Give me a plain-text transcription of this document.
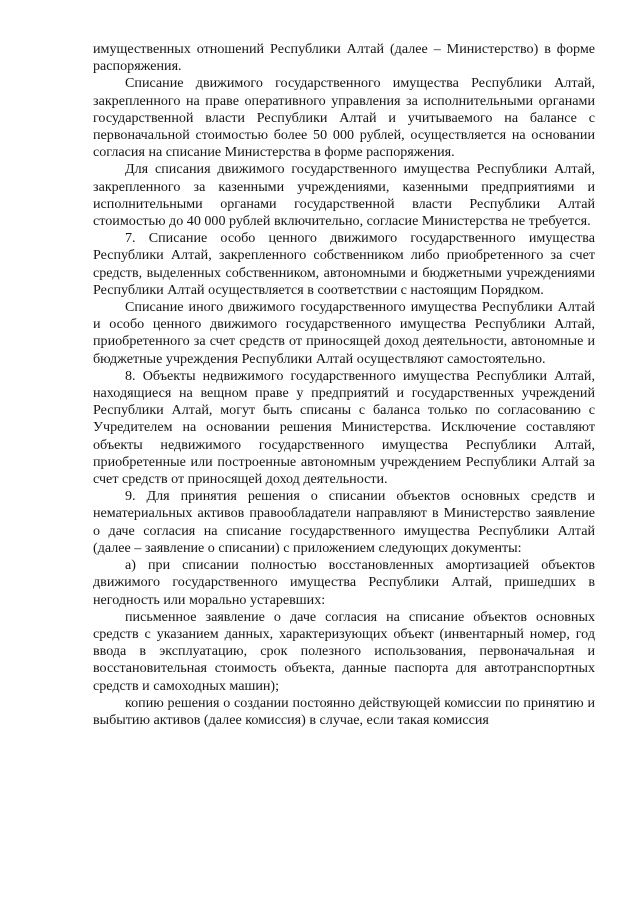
имущественных отношений Республики Алтай (далее – Министерство) в форме распоряжения.

Списание движимого государственного имущества Республики Алтай, закрепленного на праве оперативного управления за исполнительными органами государственной власти Республики Алтай и учитываемого на балансе с первоначальной стоимостью более 50 000 рублей, осуществляется на основании согласия на списание Министерства в форме распоряжения.

Для списания движимого государственного имущества Республики Алтай, закрепленного за казенными учреждениями, казенными предприятиями и исполнительными органами государственной власти Республики Алтай стоимостью до 40 000 рублей включительно, согласие Министерства не требуется.

7. Списание особо ценного движимого государственного имущества Республики Алтай, закрепленного собственником либо приобретенного за счет средств, выделенных собственником, автономными и бюджетными учреждениями Республики Алтай осуществляется в соответствии с настоящим Порядком.

Списание иного движимого государственного имущества Республики Алтай и особо ценного движимого государственного имущества Республики Алтай, приобретенного за счет средств от приносящей доход деятельности, автономные и бюджетные учреждения Республики Алтай осуществляют самостоятельно.

8. Объекты недвижимого государственного имущества Республики Алтай, находящиеся на вещном праве у предприятий и государственных учреждений Республики Алтай, могут быть списаны с баланса только по согласованию с Учредителем на основании решения Министерства. Исключение составляют объекты недвижимого государственного имущества Республики Алтай, приобретенные или построенные автономным учреждением Республики Алтай за счет средств от приносящей доход деятельности.

9. Для принятия решения о списании объектов основных средств и нематериальных активов правообладатели направляют в Министерство заявление о даче согласия на списание государственного имущества Республики Алтай (далее – заявление о списании) с приложением следующих документы:

а) при списании полностью восстановленных амортизацией объектов движимого государственного имущества Республики Алтай, пришедших в негодность или морально устаревших:

письменное заявление о даче согласия на списание объектов основных средств с указанием данных, характеризующих объект (инвентарный номер, год ввода в эксплуатацию, срок полезного использования, первоначальная и восстановительная стоимость объекта, данные паспорта для автотранспортных средств и самоходных машин);

копию решения о создании постоянно действующей комиссии по принятию и выбытию активов (далее комиссия) в случае, если такая комиссия
